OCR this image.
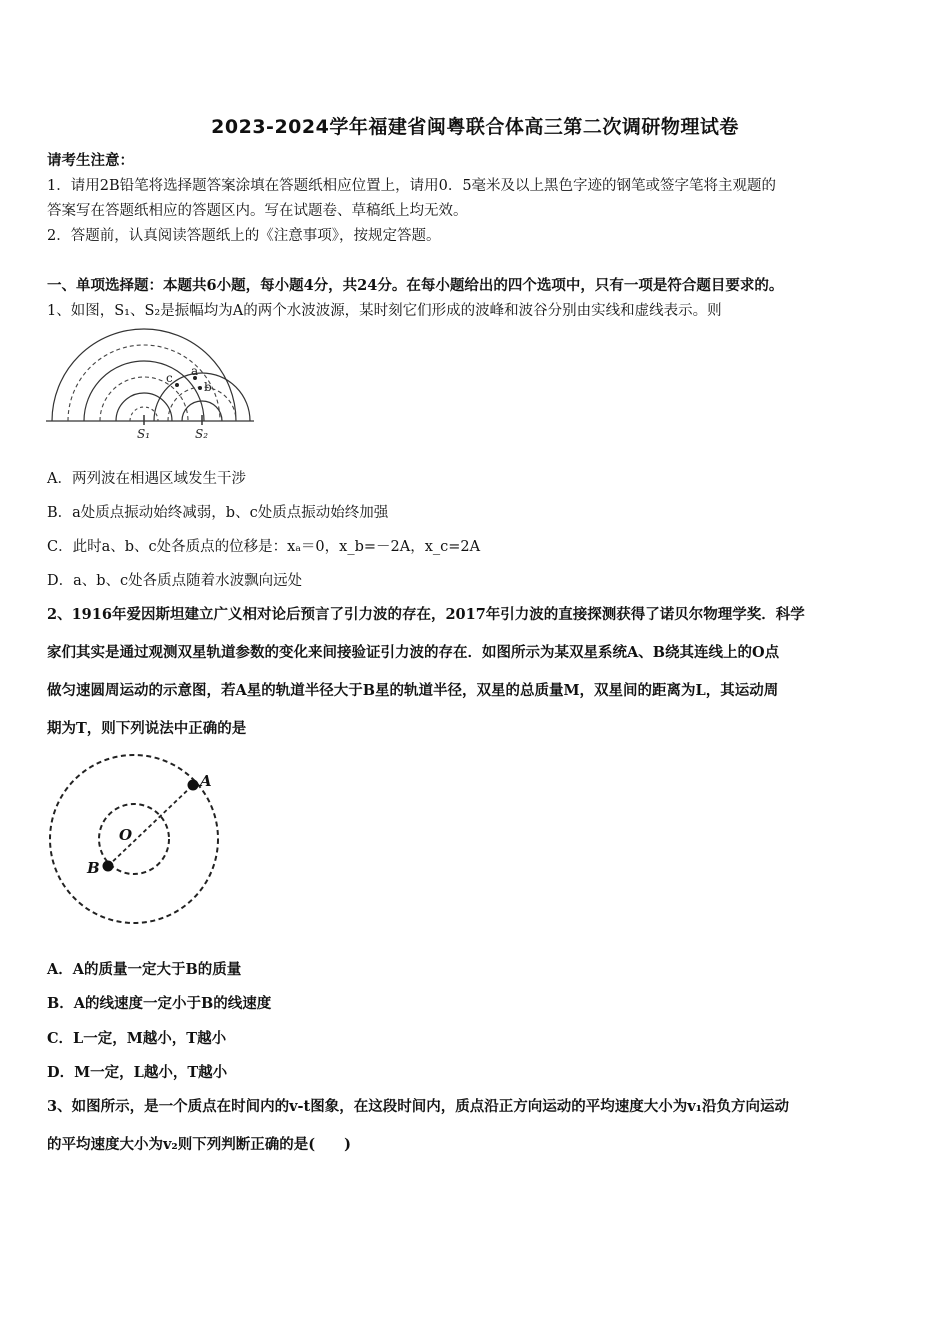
2023-2024学年福建省闽粤联合体高三第二次调研物理试卷
请考生注意：
1．请用2B铅笔将选择题答案涂填在答题纸相应位置上，请用0．5毫米及以上黑色字迹的钢笔或签字笔将主观题的
答案写在答题纸相应的答题区内。写在试题卷、草稿纸上均无效。
2．答题前，认真阅读答题纸上的《注意事项》，按规定答题。
一、单项选择题：本题共6小题，每小题4分，共24分。在每小题给出的四个选项中，只有一项是符合题目要求的。
1、如图，S₁、S₂是振幅均为A的两个水波波源，某时刻它们形成的波峰和波谷分别由实线和虚线表示。则
c a
b
S₁	S₂
A．两列波在相遇区域发生干涉
B．a处质点振动始终减弱，b、c处质点振动始终加强
C．此时a、b、c处各质点的位移是：xₐ＝0，x_b=－2A，x_c=2A
D．a、b、c处各质点随着水波飘向远处
2、1916年爱因斯坦建立广义相对论后预言了引力波的存在，2017年引力波的直接探测获得了诺贝尔物理学奖．科学
家们其实是通过观测双星轨道参数的变化来间接验证引力波的存在．如图所示为某双星系统A、B绕其连线上的O点
做匀速圆周运动的示意图，若A星的轨道半径大于B星的轨道半径，双星的总质量M，双星间的距离为L，其运动周
期为T，则下列说法中正确的是
A
B
O
A．A的质量一定大于B的质量
B．A的线速度一定小于B的线速度
C．L一定，M越小，T越小
D．M一定，L越小，T越小
3、如图所示，是一个质点在时间内的v-t图象，在这段时间内，质点沿正方向运动的平均速度大小为v₁沿负方向运动
的平均速度大小为v₂则下列判断正确的是(　　)
